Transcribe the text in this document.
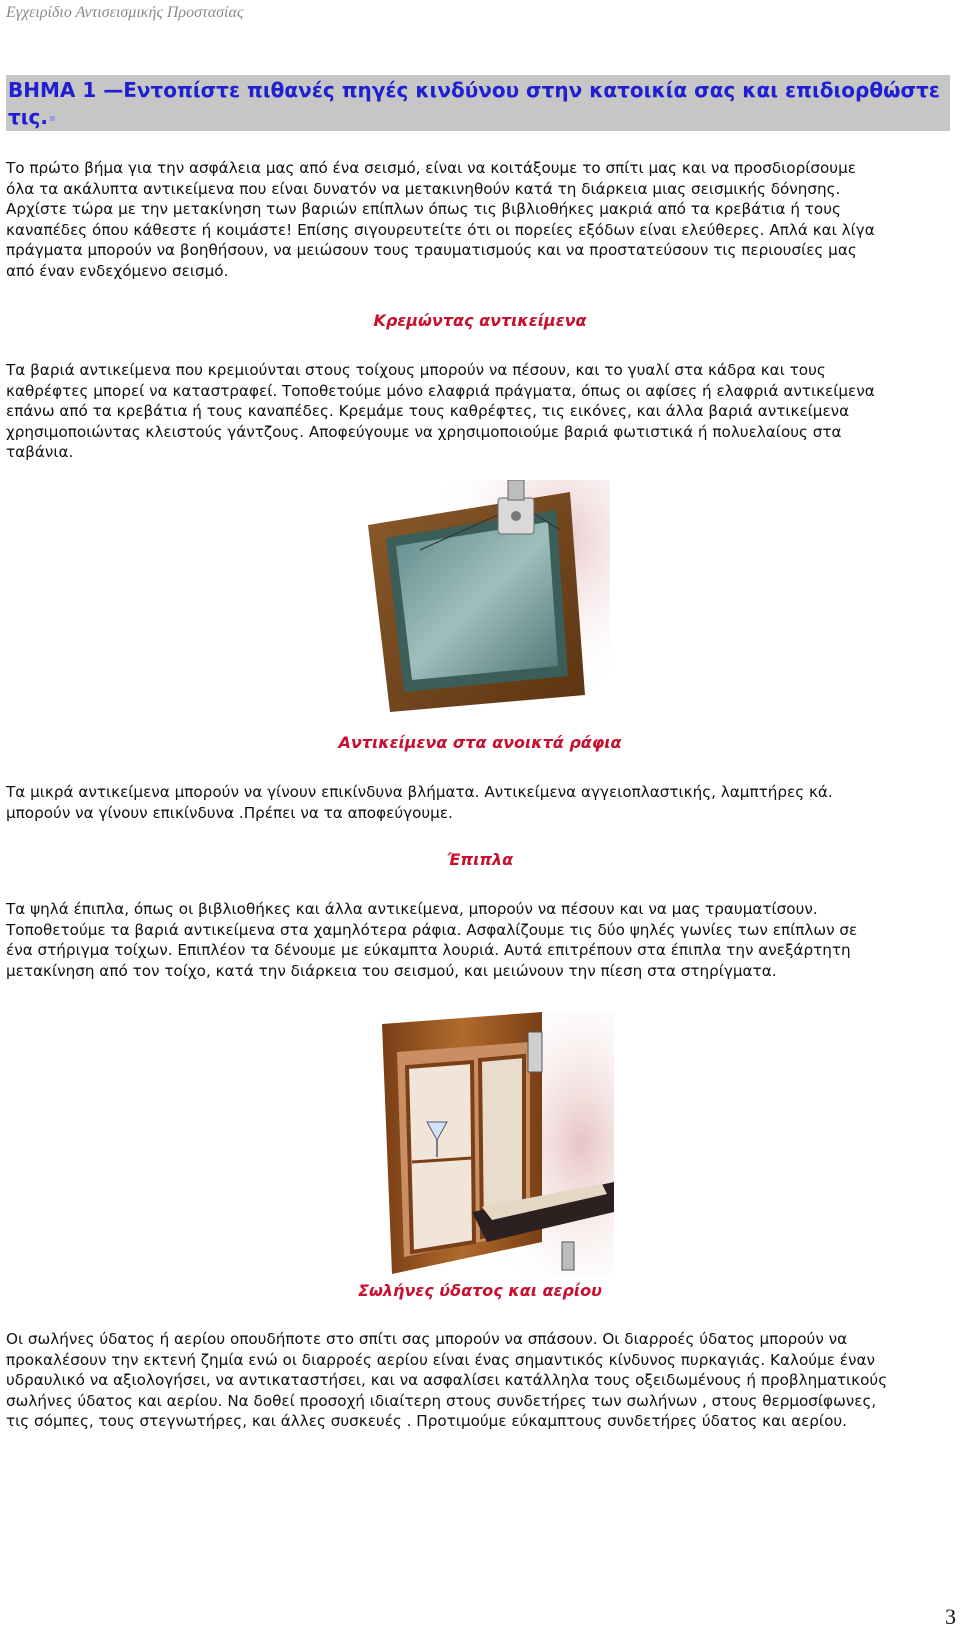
Εγχειρίδιο Αντισεισμικής Προστασίας
ΒΗΜΑ 1 —Εντοπίστε πιθανές πηγές κινδύνου στην κατοικία σας και επιδιορθώστε τις.
Το πρώτο βήμα για την ασφάλεια μας από ένα σεισμό, είναι να κοιτάξουμε το σπίτι μας και να προσδιορίσουμε
όλα τα ακάλυπτα αντικείμενα που είναι δυνατόν να μετακινηθούν κατά τη διάρκεια μιας σεισμικής δόνησης.
Αρχίστε τώρα με την μετακίνηση των βαριών επίπλων όπως τις βιβλιοθήκες μακριά από τα κρεβάτια ή τους
καναπέδες όπου κάθεστε ή κοιμάστε! Επίσης σιγουρευτείτε ότι οι πορείες εξόδων είναι ελεύθερες. Απλά και λίγα
πράγματα μπορούν να βοηθήσουν, να μειώσουν τους τραυματισμούς και να προστατεύσουν τις περιουσίες μας
από έναν ενδεχόμενο σεισμό.
Κρεμώντας αντικείμενα
Τα βαριά αντικείμενα που κρεμιούνται στους τοίχους μπορούν να πέσουν, και το γυαλί στα κάδρα και τους
καθρέφτες μπορεί να καταστραφεί. Τοποθετούμε μόνο ελαφριά πράγματα, όπως οι αφίσες ή ελαφριά αντικείμενα
επάνω από τα κρεβάτια ή τους καναπέδες. Κρεμάμε τους καθρέφτες, τις εικόνες, και άλλα βαριά αντικείμενα
χρησιμοποιώντας κλειστούς γάντζους. Αποφεύγουμε να χρησιμοποιούμε βαριά φωτιστικά ή πολυελαίους στα
ταβάνια.
Αντικείμενα στα ανοικτά ράφια
Τα μικρά αντικείμενα μπορούν να γίνουν επικίνδυνα βλήματα. Αντικείμενα αγγειοπλαστικής, λαμπτήρες κά.
μπορούν να γίνουν επικίνδυνα .Πρέπει να τα αποφεύγουμε.
Έπιπλα
Τα ψηλά έπιπλα, όπως οι βιβλιοθήκες και άλλα αντικείμενα, μπορούν να πέσουν και να μας τραυματίσουν.
Τοποθετούμε τα βαριά αντικείμενα στα χαμηλότερα ράφια. Ασφαλίζουμε τις δύο ψηλές γωνίες των επίπλων σε
ένα στήριγμα τοίχων. Επιπλέον τα δένουμε με εύκαμπτα λουριά. Αυτά επιτρέπουν στα έπιπλα την ανεξάρτητη
μετακίνηση από τον τοίχο, κατά την διάρκεια του σεισμού, και μειώνουν την πίεση στα στηρίγματα.
Σωλήνες ύδατος και αερίου
Οι σωλήνες ύδατος ή αερίου οπουδήποτε στο σπίτι σας μπορούν να σπάσουν. Οι διαρροές ύδατος μπορούν να
προκαλέσουν την εκτενή ζημία ενώ οι διαρροές αερίου είναι ένας σημαντικός κίνδυνος πυρκαγιάς. Καλούμε έναν
υδραυλικό να αξιολογήσει, να αντικαταστήσει, και να ασφαλίσει κατάλληλα τους οξειδωμένους ή προβληματικούς
σωλήνες ύδατος και αερίου. Να δοθεί προσοχή ιδιαίτερη στους συνδετήρες των σωλήνων , στους θερμοσίφωνες,
τις σόμπες, τους στεγνωτήρες, και άλλες συσκευές . Προτιμούμε εύκαμπτους συνδετήρες ύδατος και αερίου.
3
